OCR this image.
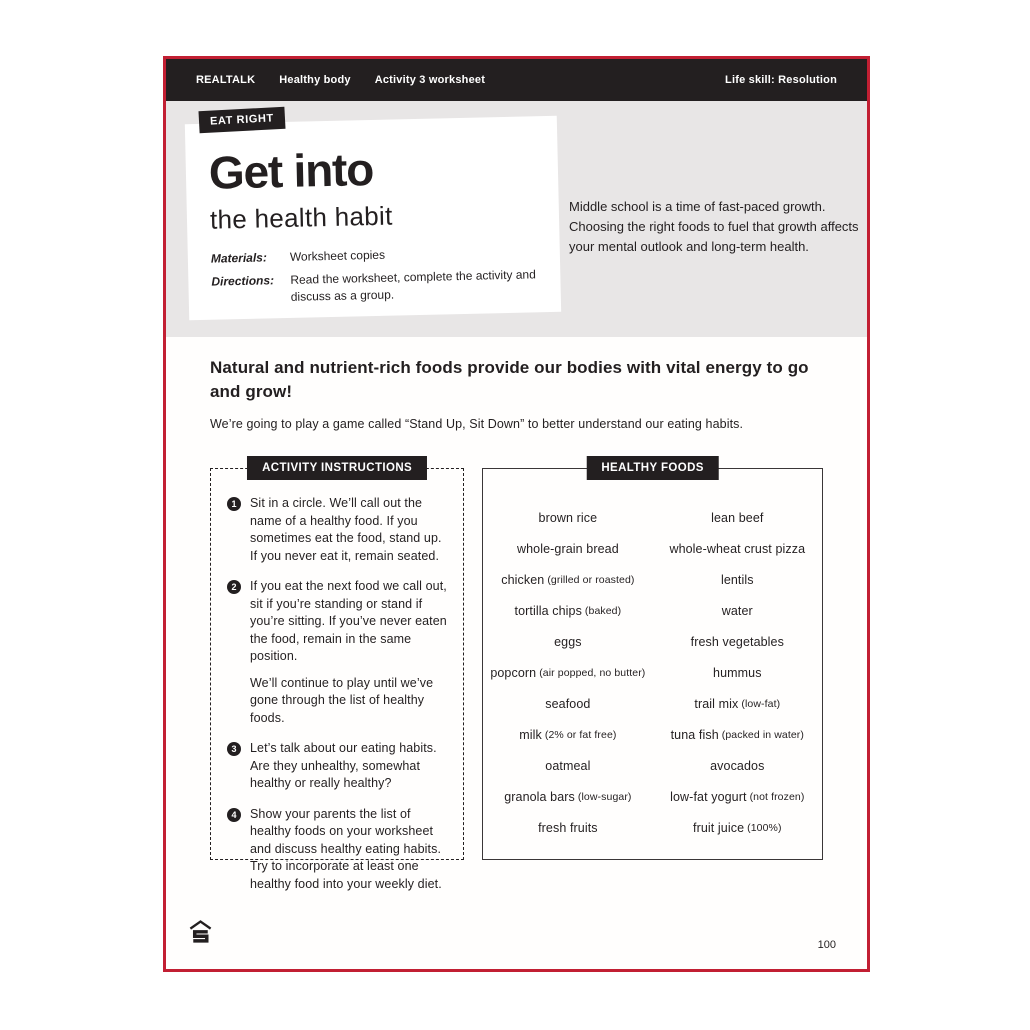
REALTALK Healthy body Activity 3 worksheet	Life skill: Resolution
EAT RIGHT
Get into
the health habit
Materials:	Worksheet copies
Directions:	Read the worksheet, complete the activity and discuss as a group.
Middle school is a time of fast-paced growth. Choosing the right foods to fuel that growth affects your mental outlook and long-term health.
Natural and nutrient-rich foods provide our bodies with vital energy to go and grow!
We’re going to play a game called “Stand Up, Sit Down” to better understand our eating habits.
ACTIVITY INSTRUCTIONS
1	Sit in a circle. We’ll call out the name of a healthy food. If you sometimes eat the food, stand up. If you never eat it, remain seated.
2	If you eat the next food we call out, sit if you’re standing or stand if you’re sitting. If you’ve never eaten the food, remain in the same position.
We’ll continue to play until we’ve gone through the list of healthy foods.
3	Let’s talk about our eating habits. Are they unhealthy, somewhat healthy or really healthy?
4	Show your parents the list of healthy foods on your worksheet and discuss healthy eating habits. Try to incorporate at least one healthy food into your weekly diet.
HEALTHY FOODS
brown rice	lean beef
whole-grain bread	whole-wheat crust pizza
chicken (grilled or roasted)	lentils
tortilla chips (baked)	water
eggs	fresh vegetables
popcorn (air popped, no butter)	hummus
seafood	trail mix (low-fat)
milk (2% or fat free)	tuna fish (packed in water)
oatmeal	avocados
granola bars (low-sugar)	low-fat yogurt (not frozen)
fresh fruits	fruit juice (100%)
100
